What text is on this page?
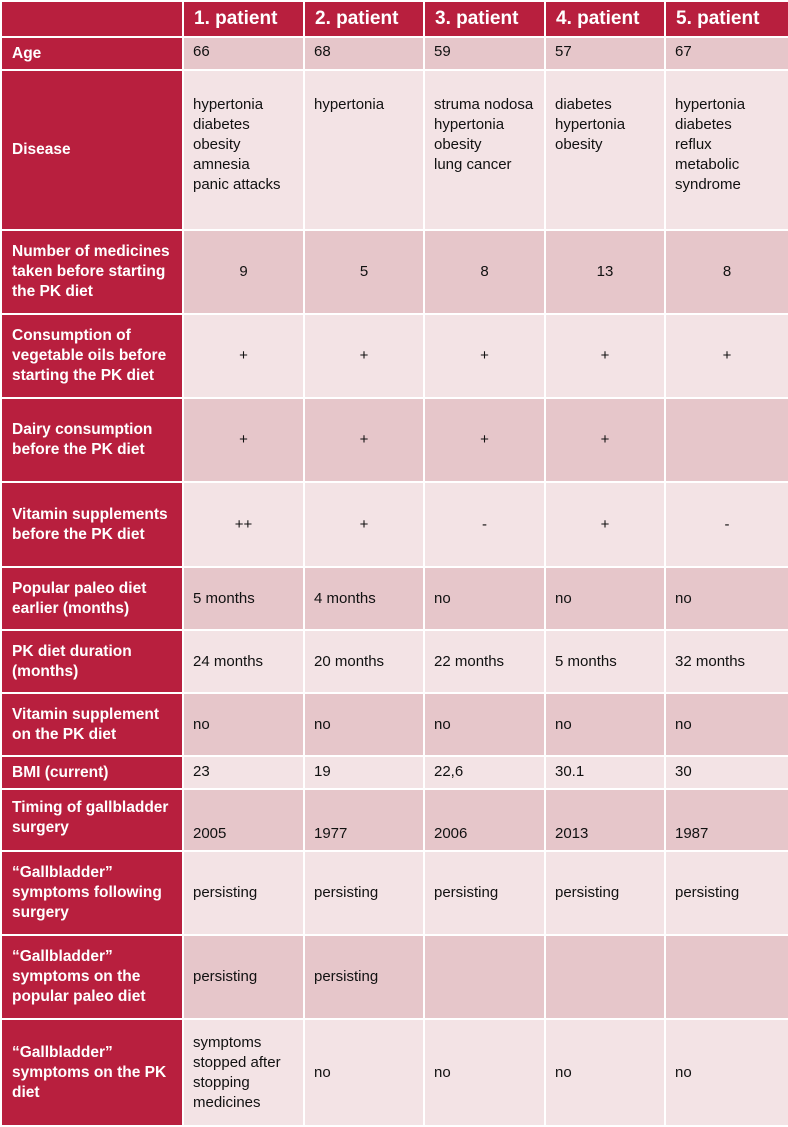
	1. patient	2. patient	3. patient	4. patient	5. patient
Age	66	68	59	57	67
Disease	hypertonia
diabetes
obesity
amnesia
panic attacks	hypertonia	struma nodosa
hypertonia
obesity
lung cancer	diabetes
hypertonia
obesity	hypertonia
diabetes
reflux
metabolic
syndrome
Number of medicines taken before starting the PK diet	9	5	8	13	8
Consumption of vegetable oils before starting the PK diet	+	+	+	+	+
Dairy consumption before the PK diet	+	+	+	+	
Vitamin supplements before the PK diet	++	+	-	+	-
Popular paleo diet earlier (months)	5 months	4 months	no	no	no
PK diet duration (months)	24 months	20 months	22 months	5 months	32 months
Vitamin supplement on the PK diet	no	no	no	no	no
BMI (current)	23	19	22,6	30.1	30
Timing of gallbladder surgery	2005	1977	2006	2013	1987
“Gallbladder” symptoms following surgery	persisting	persisting	persisting	persisting	persisting
“Gallbladder” symptoms on the popular paleo diet	persisting	persisting			
“Gallbladder” symptoms on the PK diet	symptoms
stopped after
stopping
medicines	no	no	no	no
